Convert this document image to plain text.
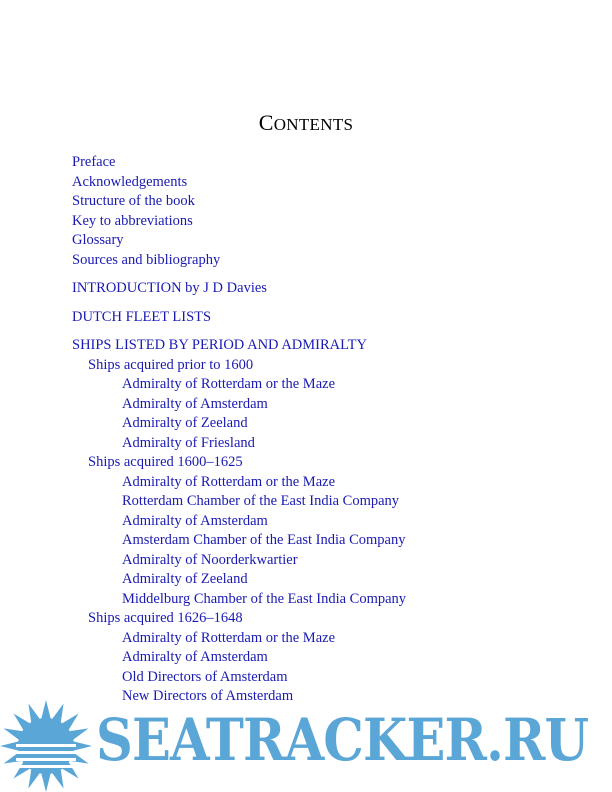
CONTENTS
Preface
Acknowledgements
Structure of the book
Key to abbreviations
Glossary
Sources and bibliography
INTRODUCTION by J D Davies
DUTCH FLEET LISTS
SHIPS LISTED BY PERIOD AND ADMIRALTY
Ships acquired prior to 1600
Admiralty of Rotterdam or the Maze
Admiralty of Amsterdam
Admiralty of Zeeland
Admiralty of Friesland
Ships acquired 1600–1625
Admiralty of Rotterdam or the Maze
Rotterdam Chamber of the East India Company
Admiralty of Amsterdam
Amsterdam Chamber of the East India Company
Admiralty of Noorderkwartier
Admiralty of Zeeland
Middelburg Chamber of the East India Company
Ships acquired 1626–1648
Admiralty of Rotterdam or the Maze
Admiralty of Amsterdam
Old Directors of Amsterdam
New Directors of Amsterdam
SEATRACKER.RU
